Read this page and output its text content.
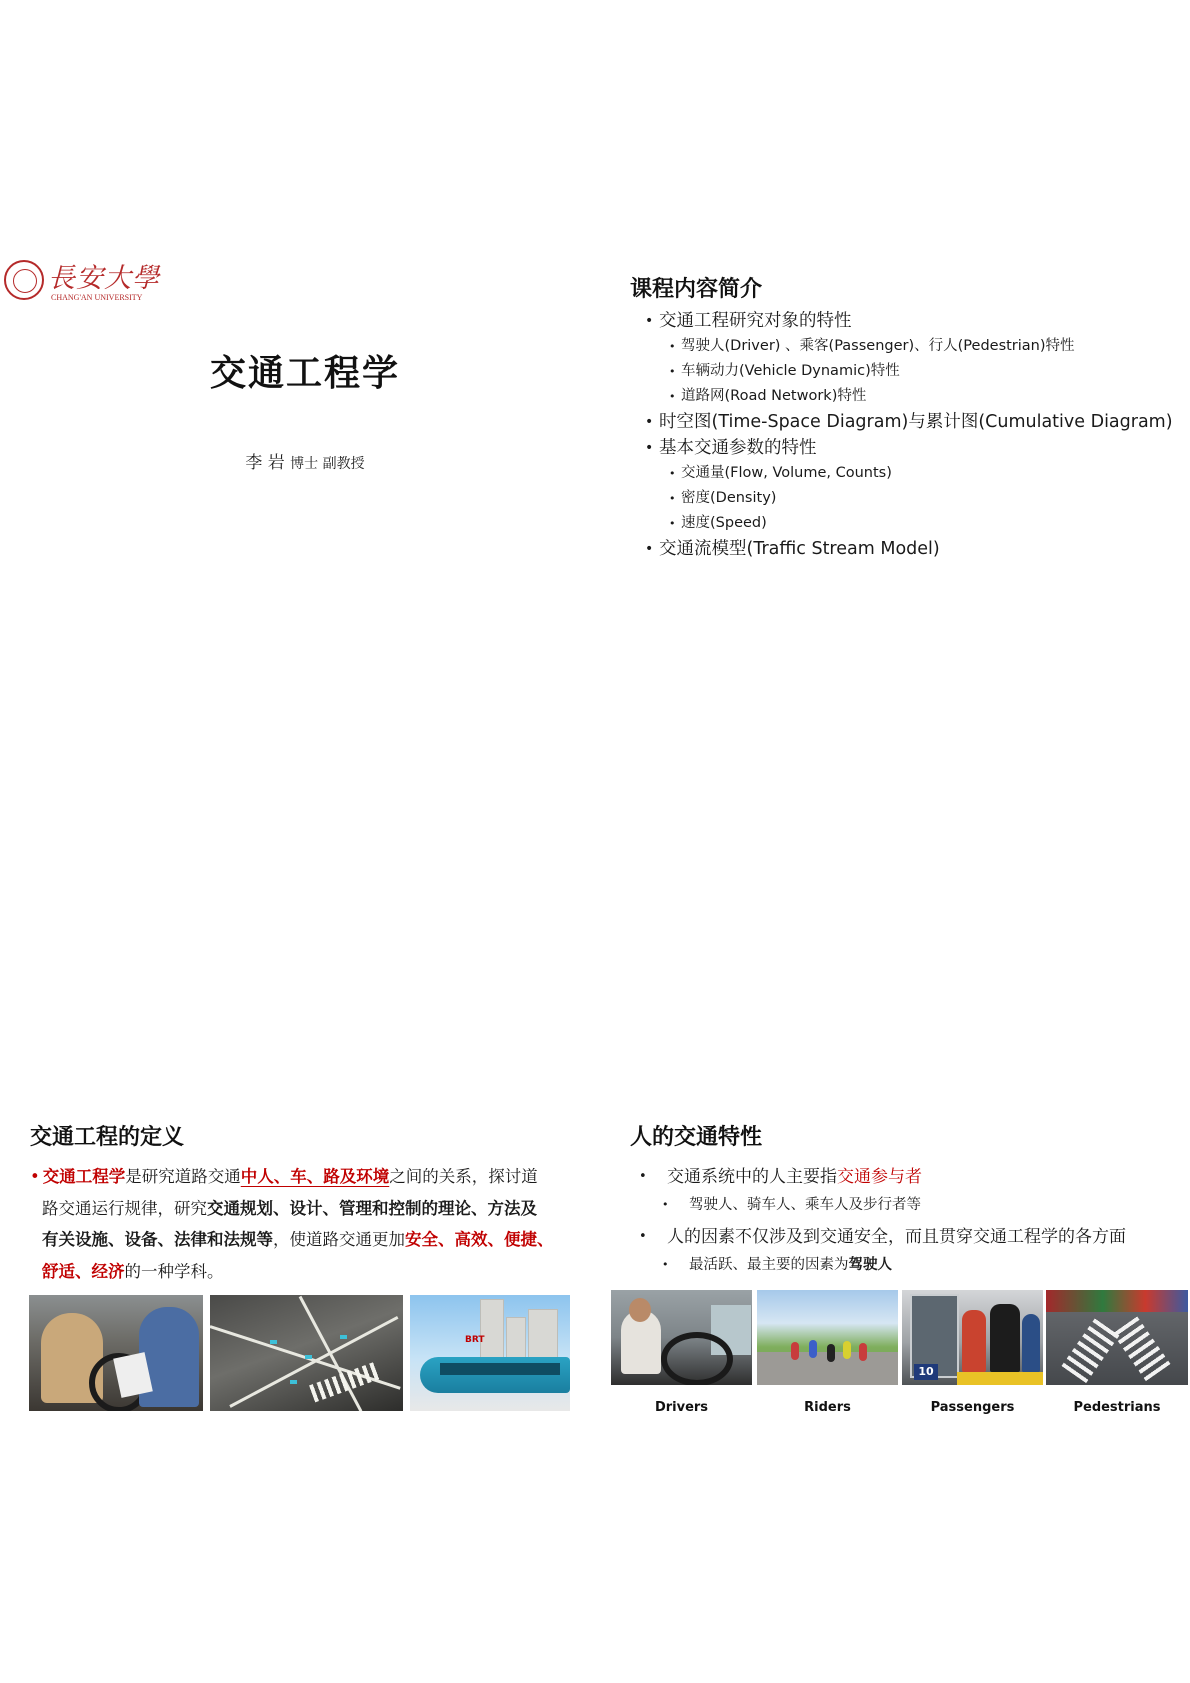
長安大學
CHANG'AN UNIVERSITY
交通工程学
李 岩 博士 副教授
课程内容简介
• 交通工程研究对象的特性
• 驾驶人(Driver) 、乘客(Passenger)、行人(Pedestrian)特性
• 车辆动力(Vehicle Dynamic)特性
• 道路网(Road Network)特性
• 时空图(Time-Space Diagram)与累计图(Cumulative Diagram)
• 基本交通参数的特性
• 交通量(Flow, Volume, Counts)
• 密度(Density)
• 速度(Speed)
• 交通流模型(Traffic Stream Model)
交通工程的定义
• 交通工程学是研究道路交通中人、车、路及环境之间的关系，探讨道
路交通运行规律，研究交通规划、设计、管理和控制的理论、方法及
有关设施、设备、法律和法规等，使道路交通更加安全、高效、便捷、
舒适、经济的一种学科。
BRT
人的交通特性
• 交通系统中的人主要指交通参与者
• 驾驶人、骑车人、乘车人及步行者等
• 人的因素不仅涉及到交通安全，而且贯穿交通工程学的各方面
• 最活跃、最主要的因素为驾驶人
10
Drivers	Riders	Passengers	Pedestrians
